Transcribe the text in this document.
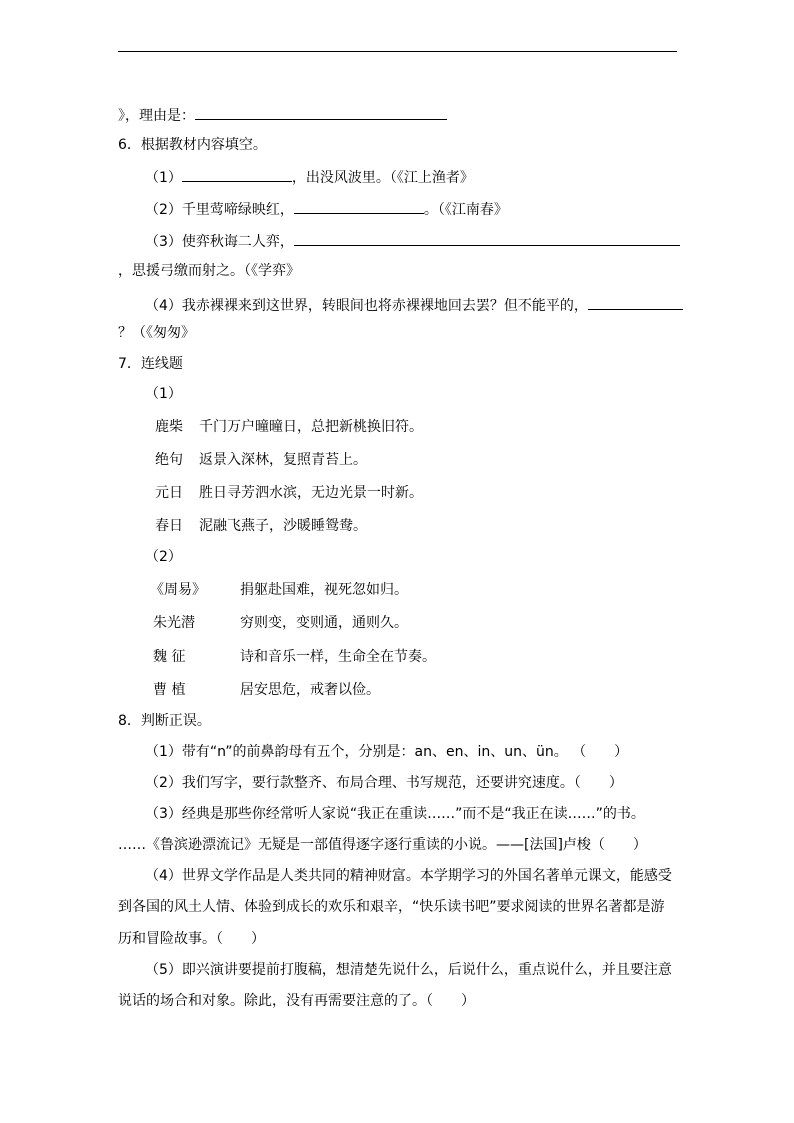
》，理由是：
6．根据教材内容填空。
（1）	，出没风波里。（《江上渔者》
（2）千里莺啼绿映红，	。（《江南春》
（3）使弈秋诲二人弈，
，思援弓缴而射之。（《学弈》
（4）我赤裸裸来到这世界，转眼间也将赤裸裸地回去罢？但不能平的，
？（《匆匆》
7．连线题
（1）
鹿柴 千门万户曈曈日，总把新桃换旧符。
绝句 返景入深林，复照青苔上。
元日 胜日寻芳泗水滨，无边光景一时新。
春日 泥融飞燕子，沙暖睡鸳鸯。
（2）
《周易》 捐躯赴国难，视死忽如归。
朱光潜	穷则变，变则通，通则久。
魏 征	诗和音乐一样，生命全在节奏。
曹 植	居安思危，戒奢以俭。
8．判断正误。
（1）带有“n”的前鼻韵母有五个，分别是：an、en、in、un、ün。 （　　）
（2）我们写字，要行款整齐、布局合理、书写规范，还要讲究速度。（　　）
（3）经典是那些你经常听人家说“我正在重读……”而不是“我正在读……”的书。
……《鲁滨逊漂流记》无疑是一部值得逐字逐行重读的小说。——[法国]卢梭（　　）
（4）世界文学作品是人类共同的精神财富。本学期学习的外国名著单元课文，能感受
到各国的风土人情、体验到成长的欢乐和艰辛，“快乐读书吧”要求阅读的世界名著都是游
历和冒险故事。（　　）
（5）即兴演讲要提前打腹稿，想清楚先说什么，后说什么，重点说什么，并且要注意
说话的场合和对象。除此，没有再需要注意的了。（　　）
